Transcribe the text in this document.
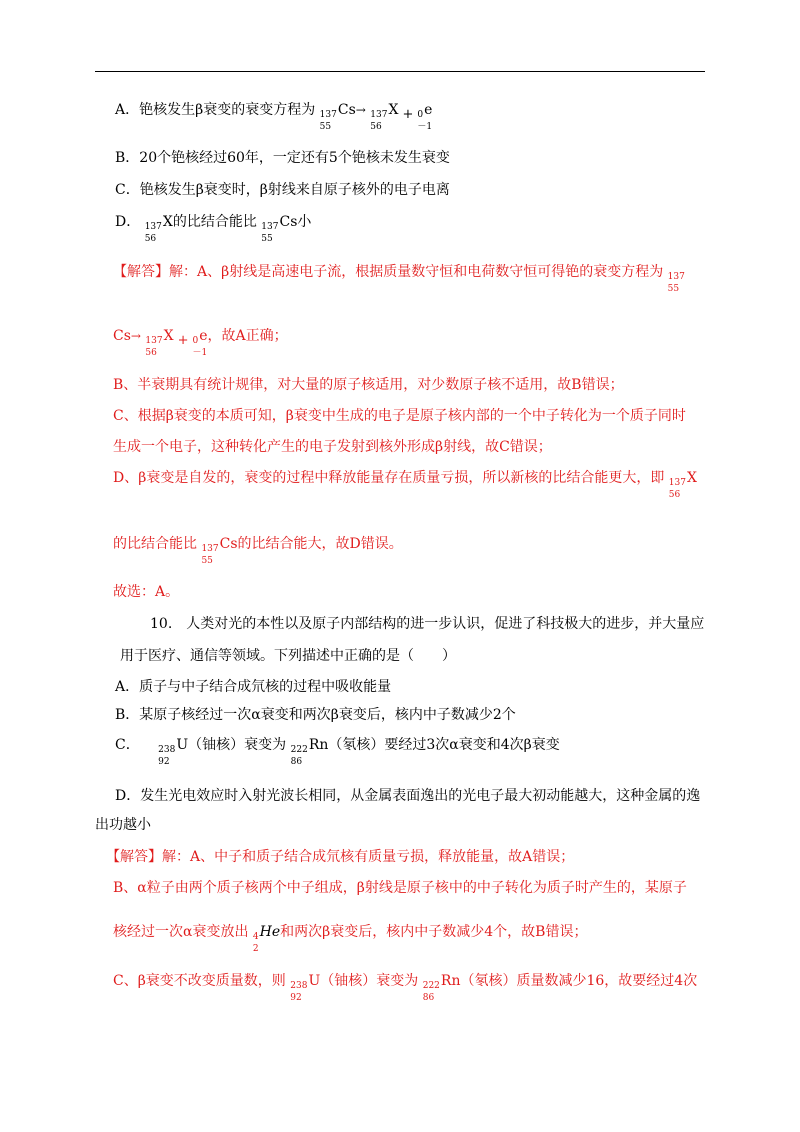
A．铯核发生β衰变的衰变方程为 $_{137}$Cs
55
→ $_{137}$X
56
+ $_0$e
－1
B．20个铯核经过60年，一定还有5个铯核未发生衰变
C．铯核发生β衰变时，β射线来自原子核外的电子电离
D． $_{137}$X
56
的比结合能比 $_{137}$Cs
55
小
【解答】解：A、β射线是高速电子流，根据质量数守恒和电荷数守恒可得铯的衰变方程为 $_{137}$
55
Cs→ $_{137}$X
56
+ $_0$
－1
e，故A正确；
B、半衰期具有统计规律，对大量的原子核适用，对少数原子核不适用，故B错误；
C、根据β衰变的本质可知，β衰变中生成的电子是原子核内部的一个中子转化为一个质子同时
生成一个电子，这种转化产生的电子发射到核外形成β射线，故C错误；
D、β衰变是自发的，衰变的过程中释放能量存在质量亏损，所以新核的比结合能更大，即 $_{137}$X
56
的比结合能比 $_{137}$Cs
55
的比结合能大，故D错误。
故选：A。
10.　人类对光的本性以及原子内部结构的进一步认识，促进了科技极大的进步，并大量应
用于医疗、通信等领域。下列描述中正确的是（　　）
A．质子与中子结合成氘核的过程中吸收能量
B．某原子核经过一次α衰变和两次β衰变后，核内中子数减少2个
C．  $_{238}$U
92
（铀核）衰变为 $_{222}$Rn
86
（氡核）要经过3次α衰变和4次β衰变
D．发生光电效应时入射光波长相同，从金属表面逸出的光电子最大初动能越大，这种金属的逸
出功越小
【解答】解：A、中子和质子结合成氘核有质量亏损，释放能量，故A错误；
B、α粒子由两个质子核两个中子组成，β射线是原子核中的中子转化为质子时产生的，某原子
核经过一次α衰变放出 $_4$He
2
和两次β衰变后，核内中子数减少4个，故B错误；
C、β衰变不改变质量数，则 $_{238}$U
92
（铀核）衰变为 $_{222}$Rn
86
（氡核）质量数减少16，故要经过4次
